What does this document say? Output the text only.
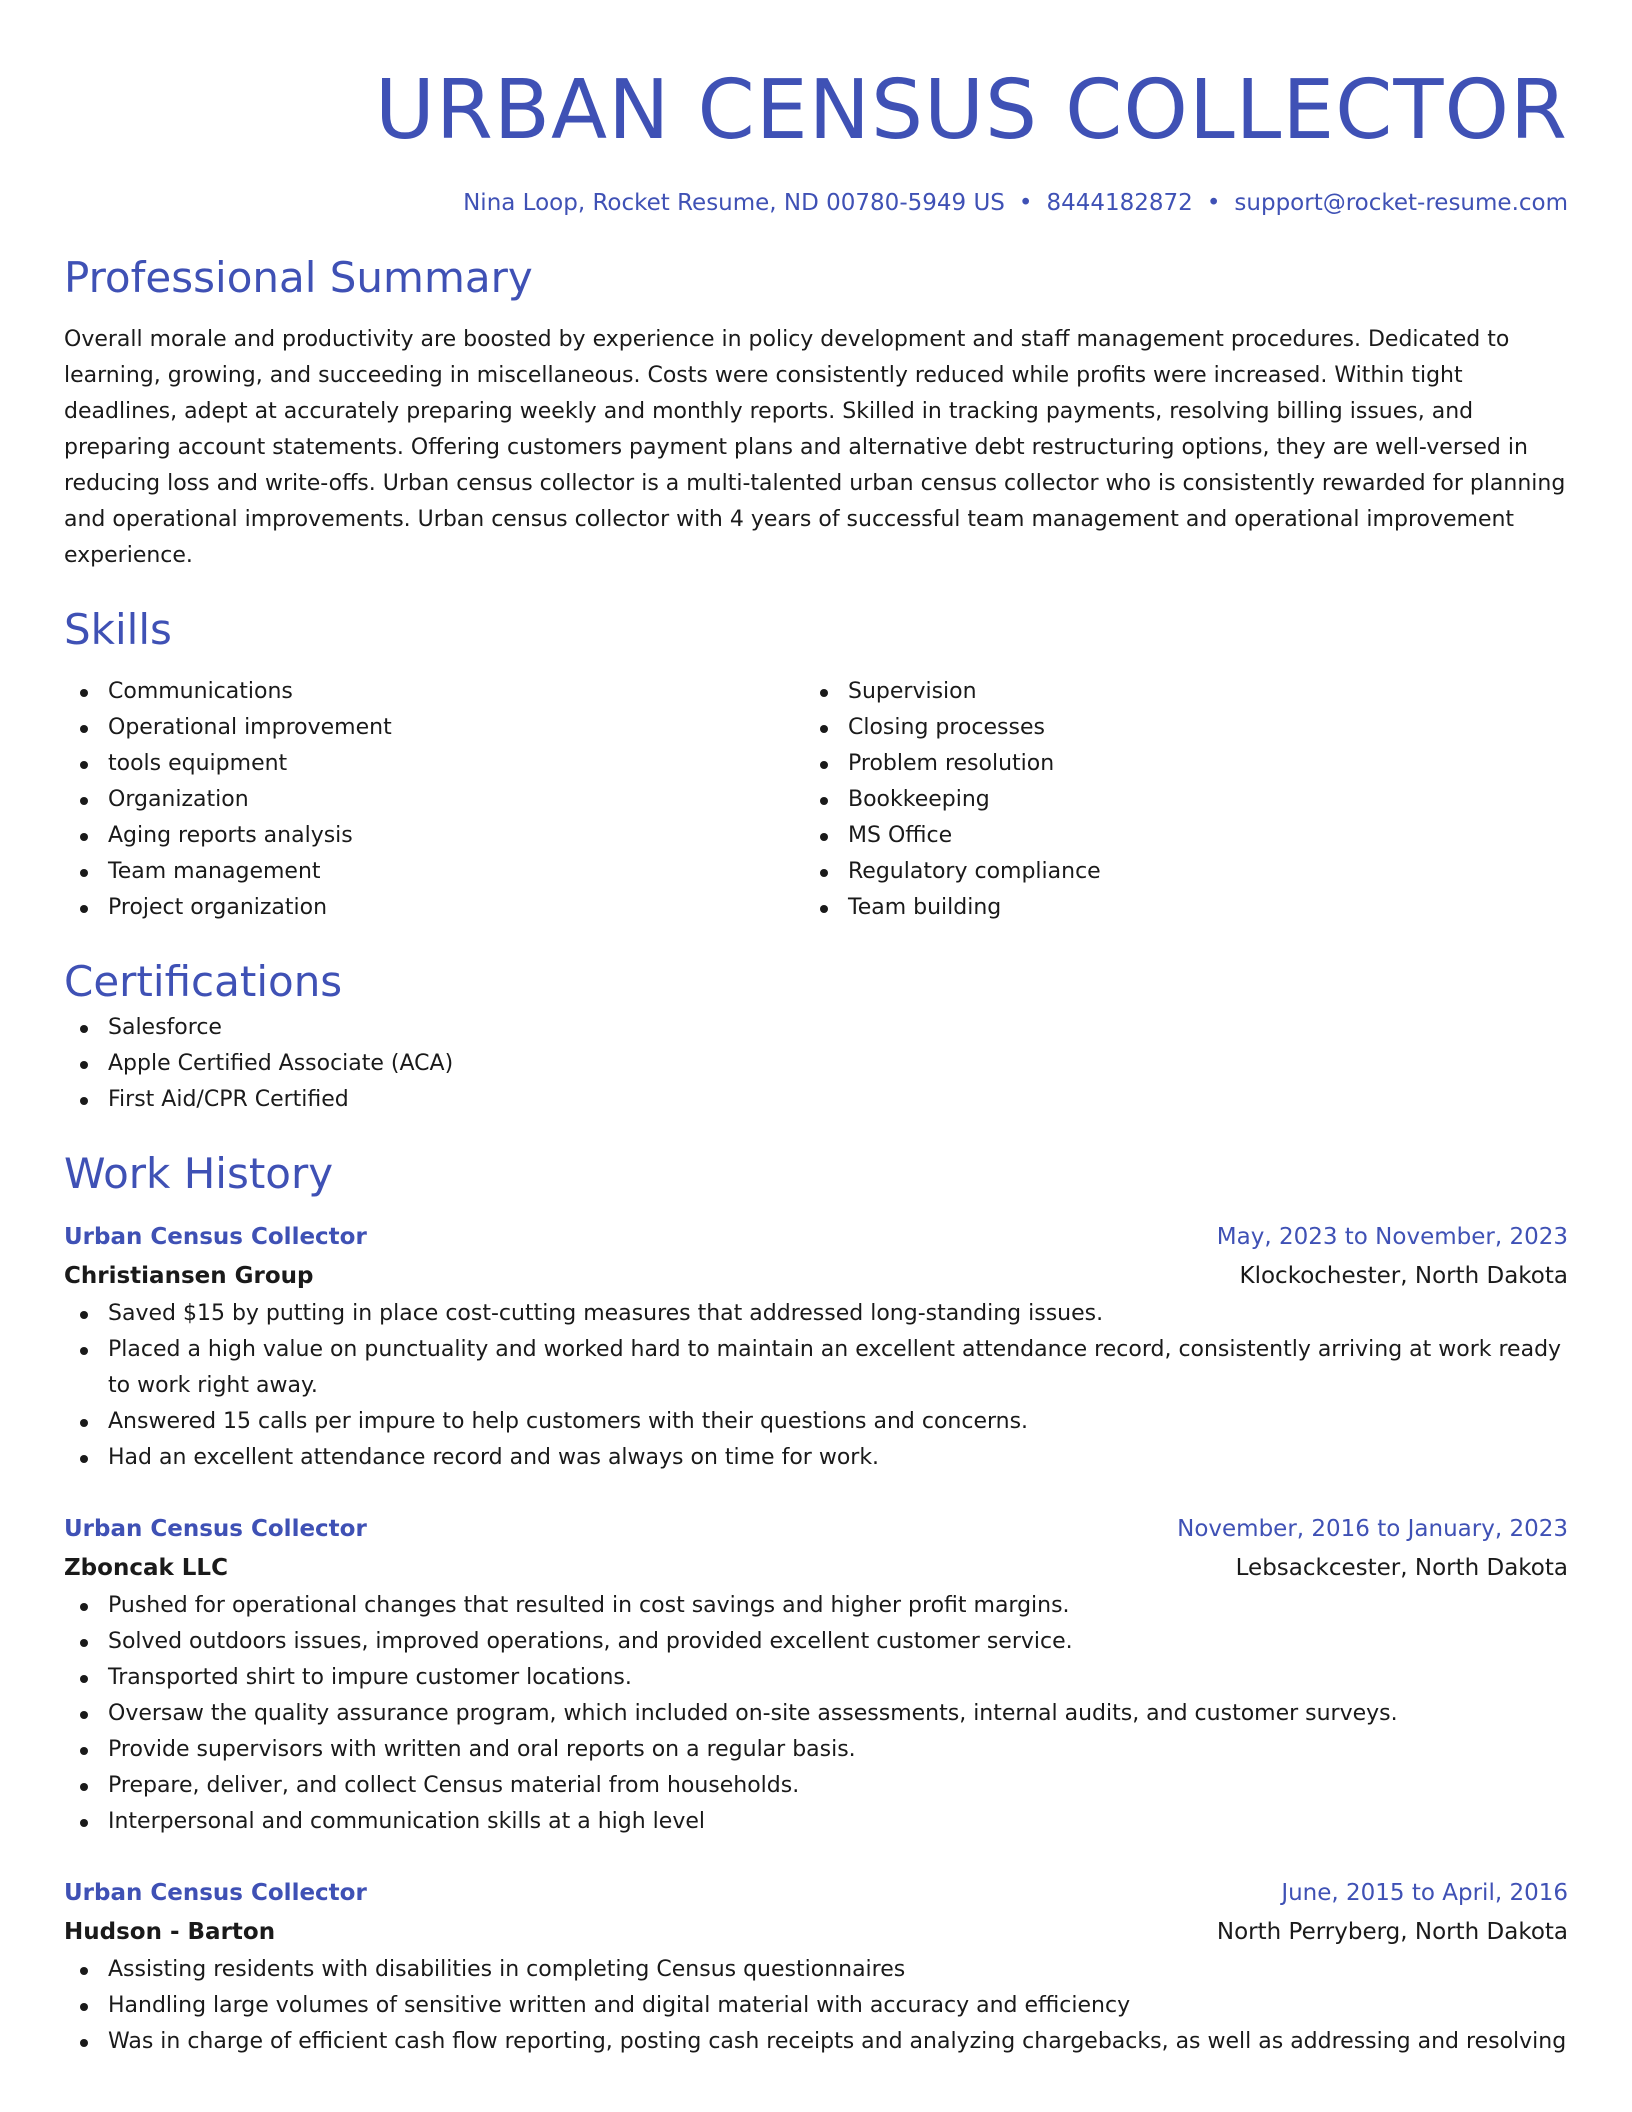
URBAN CENSUS COLLECTOR
Nina Loop, Rocket Resume, ND 00780-5949 US • 8444182872 • support@rocket-resume.com
Professional Summary

Overall morale and productivity are boosted by experience in policy development and staff management procedures. Dedicated to learning, growing, and succeeding in miscellaneous. Costs were consistently reduced while profits were increased. Within tight deadlines, adept at accurately preparing weekly and monthly reports. Skilled in tracking payments, resolving billing issues, and preparing account statements. Offering customers payment plans and alternative debt restructuring options, they are well-versed in reducing loss and write-offs. Urban census collector is a multi-talented urban census collector who is consistently rewarded for planning and operational improvements. Urban census collector with 4 years of successful team management and operational improvement experience.

Skills
Communications
Operational improvement
tools equipment
Organization
Aging reports analysis
Team management
Project organization
Supervision
Closing processes
Problem resolution
Bookkeeping
MS Office
Regulatory compliance
Team building
Certifications
Salesforce
Apple Certified Associate (ACA)
First Aid/CPR Certified
Work History
Urban Census Collector	May, 2023 to November, 2023
Christiansen Group	Klockochester, North Dakota
Saved $15 by putting in place cost-cutting measures that addressed long-standing issues.
Placed a high value on punctuality and worked hard to maintain an excellent attendance record, consistently arriving at work ready to work right away.
Answered 15 calls per impure to help customers with their questions and concerns.
Had an excellent attendance record and was always on time for work.
Urban Census Collector	November, 2016 to January, 2023
Zboncak LLC	Lebsackcester, North Dakota
Pushed for operational changes that resulted in cost savings and higher profit margins.
Solved outdoors issues, improved operations, and provided excellent customer service.
Transported shirt to impure customer locations.
Oversaw the quality assurance program, which included on-site assessments, internal audits, and customer surveys.
Provide supervisors with written and oral reports on a regular basis.
Prepare, deliver, and collect Census material from households.
Interpersonal and communication skills at a high level
Urban Census Collector	June, 2015 to April, 2016
Hudson - Barton	North Perryberg, North Dakota
Assisting residents with disabilities in completing Census questionnaires
Handling large volumes of sensitive written and digital material with accuracy and efficiency
Was in charge of efficient cash flow reporting, posting cash receipts and analyzing chargebacks, as well as addressing and resolving
